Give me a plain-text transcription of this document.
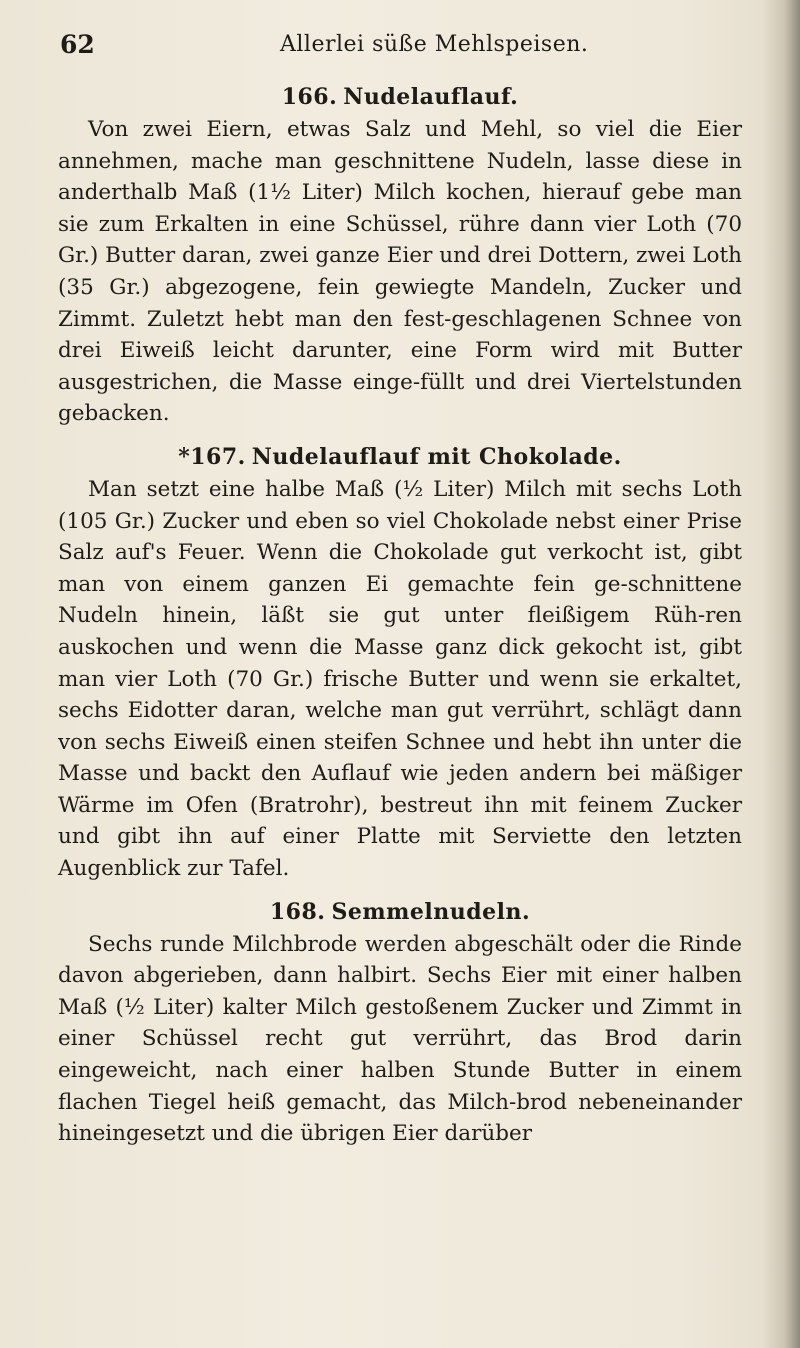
62	Allerlei süße Mehlspeisen.
166. Nudelauflauf.

Von zwei Eiern, etwas Salz und Mehl, so viel die Eier annehmen, mache man geschnittene Nudeln, lasse diese in anderthalb Maß (1½ Liter) Milch kochen, hierauf gebe man sie zum Erkalten in eine Schüssel, rühre dann vier Loth (70 Gr.) Butter daran, zwei ganze Eier und drei Dottern, zwei Loth (35 Gr.) abgezogene, fein gewiegte Mandeln, Zucker und Zimmt. Zuletzt hebt man den fest-geschlagenen Schnee von drei Eiweiß leicht darunter, eine Form wird mit Butter ausgestrichen, die Masse einge-füllt und drei Viertelstunden gebacken.

*167. Nudelauflauf mit Chokolade.

Man setzt eine halbe Maß (½ Liter) Milch mit sechs Loth (105 Gr.) Zucker und eben so viel Chokolade nebst einer Prise Salz auf's Feuer. Wenn die Chokolade gut verkocht ist, gibt man von einem ganzen Ei gemachte fein ge-schnittene Nudeln hinein, läßt sie gut unter fleißigem Rüh-ren auskochen und wenn die Masse ganz dick gekocht ist, gibt man vier Loth (70 Gr.) frische Butter und wenn sie erkaltet, sechs Eidotter daran, welche man gut verrührt, schlägt dann von sechs Eiweiß einen steifen Schnee und hebt ihn unter die Masse und backt den Auflauf wie jeden andern bei mäßiger Wärme im Ofen (Bratrohr), bestreut ihn mit feinem Zucker und gibt ihn auf einer Platte mit Serviette den letzten Augenblick zur Tafel.

168. Semmelnudeln.

Sechs runde Milchbrode werden abgeschält oder die Rinde davon abgerieben, dann halbirt. Sechs Eier mit einer halben Maß (½ Liter) kalter Milch gestoßenem Zucker und Zimmt in einer Schüssel recht gut verrührt, das Brod darin eingeweicht, nach einer halben Stunde Butter in einem flachen Tiegel heiß gemacht, das Milch-brod nebeneinander hineingesetzt und die übrigen Eier darüber
